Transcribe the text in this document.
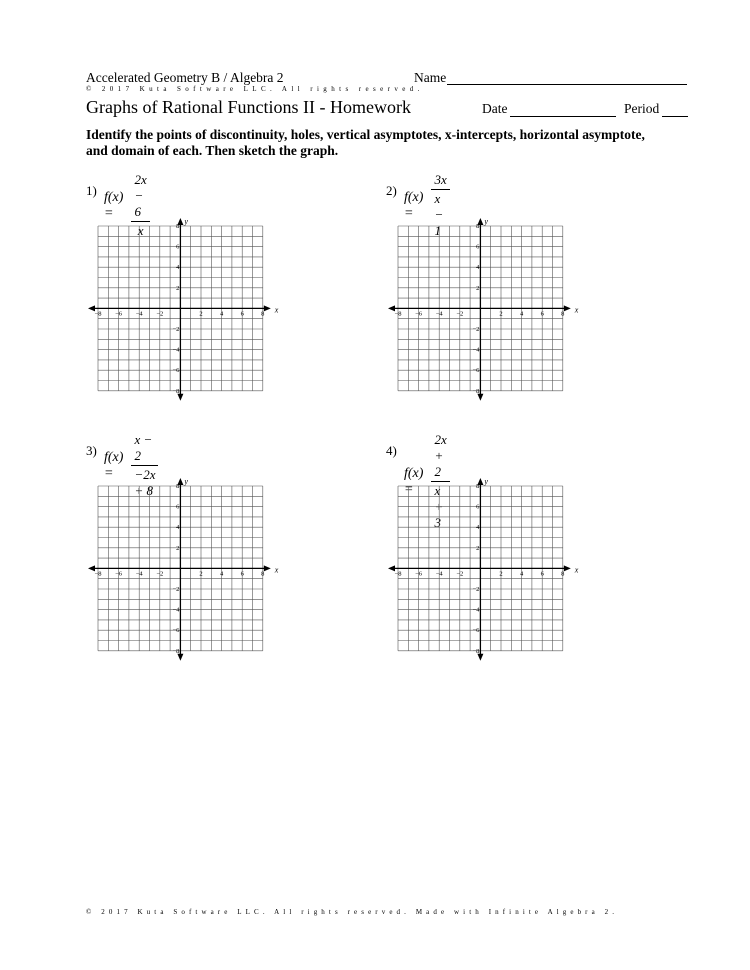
Accelerated Geometry B / Algebra 2	Name
© 2017 Kuta Software LLC. All rights reserved.
Graphs of Rational Functions II - Homework	Date	Period
Identify the points of discontinuity, holes, vertical asymptotes, x-intercepts, horizontal asymptote, and domain of each. Then sketch the graph.
1) f(x) =	$\frac{2x - 6}{x}$
x
y
−8 −6 −4 −2	2	4	6	8
8
6
4
2
−2
−4
−6
−8
2) f(x) =	$\frac{3x}{x - 1}$
x
y
−8 −6 −4 −2	2	4	6	8
8
6
4
2
−2
−4
−6
−8
3) f(x) =	$\frac{x - 2}{-2x + 8}$
x
y
−8 −6 −4 −2	2	4	6	8
8
6
4
2
−2
−4
−6
−8
4)
f(x) =	$\frac{2x + 2}{x + 3}$
x
y
−8 −6 −4 −2	2	4	6	8
8
6
4
2
−2
−4
−6
−8
© 2017 Kuta Software LLC. All rights reserved. Made with Infinite Algebra 2.
